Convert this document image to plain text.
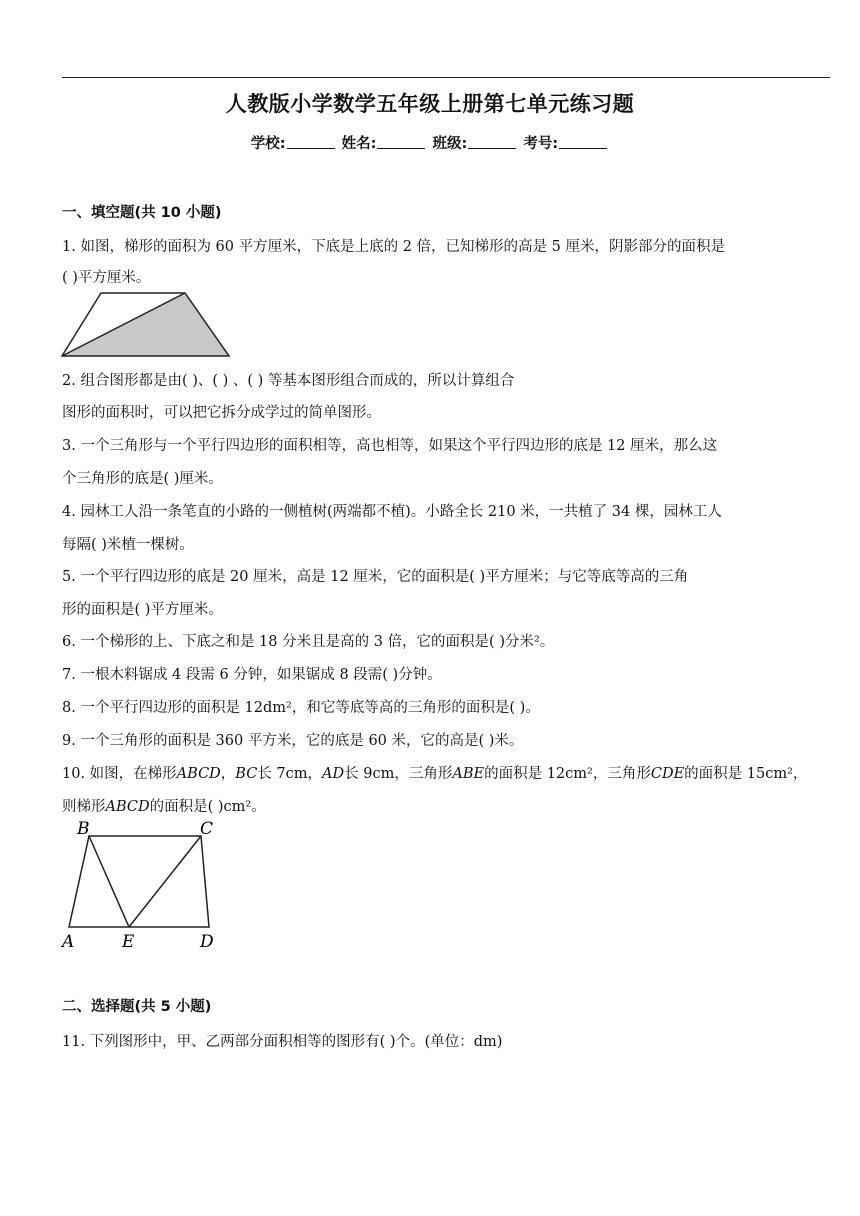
人教版小学数学五年级上册第七单元练习题
学校:	姓名:	班级:	考号:
一、填空题(共 10 小题)
1. 如图，梯形的面积为 60 平方厘米，下底是上底的 2 倍，已知梯形的高是 5 厘米，阴影部分的面积是
( )平方厘米。
2. 组合图形都是由( )、( ) 、( ) 等基本图形组合而成的，所以计算组合
图形的面积时，可以把它拆分成学过的简单图形。
3. 一个三角形与一个平行四边形的面积相等，高也相等，如果这个平行四边形的底是 12 厘米，那么这
个三角形的底是( )厘米。
4. 园林工人沿一条笔直的小路的一侧植树(两端都不植)。小路全长 210 米，一共植了 34 棵，园林工人
每隔( )米植一棵树。
5. 一个平行四边形的底是 20 厘米，高是 12 厘米，它的面积是( )平方厘米；与它等底等高的三角
形的面积是( )平方厘米。
6. 一个梯形的上、下底之和是 18 分米且是高的 3 倍，它的面积是( )分米²。
7. 一根木料锯成 4 段需 6 分钟，如果锯成 8 段需( )分钟。
8. 一个平行四边形的面积是 12dm²，和它等底等高的三角形的面积是( )。
9. 一个三角形的面积是 360 平方米，它的底是 60 米，它的高是( )米。
10. 如图，在梯形ABCD，BC长 7cm，AD长 9cm，三角形ABE的面积是 12cm²，三角形CDE的面积是 15cm²，
则梯形ABCD的面积是( )cm²。
B	C
A	E	D
二、选择题(共 5 小题)
11. 下列图形中，甲、乙两部分面积相等的图形有( )个。(单位：dm)
